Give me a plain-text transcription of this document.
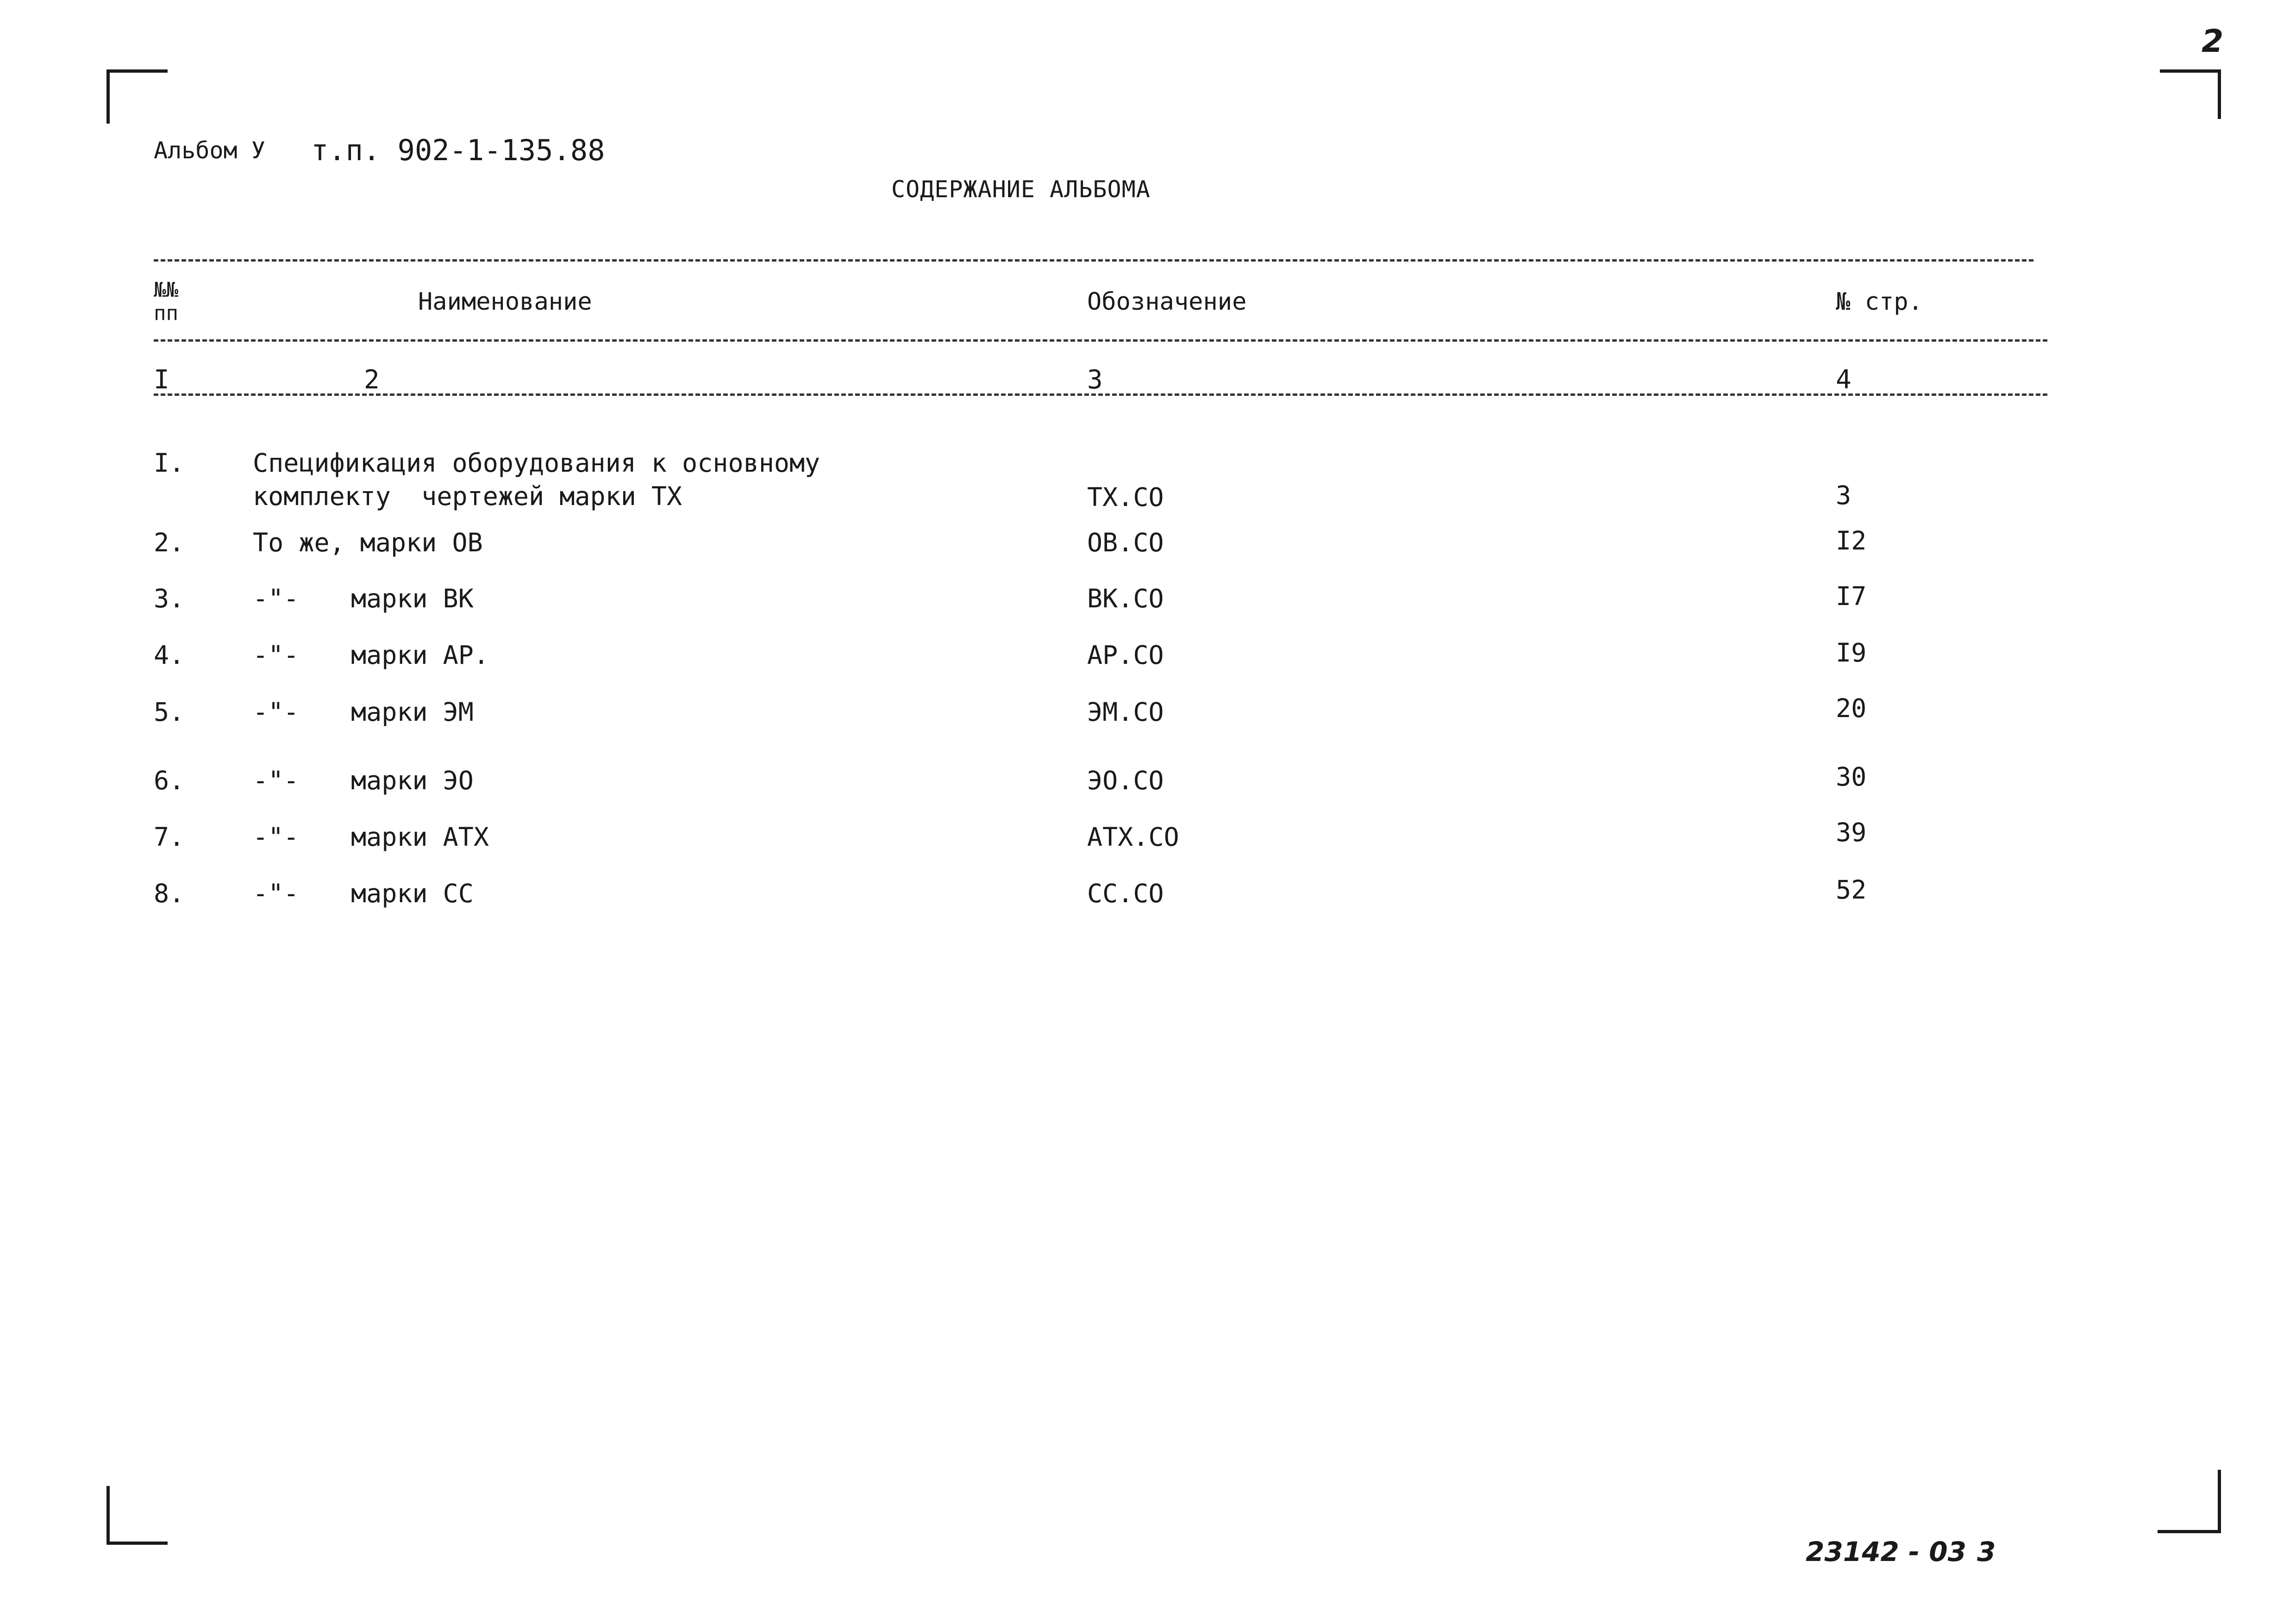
2
Альбом У т.п. 902-1-135.88
СОДЕРЖАНИЕ АЛЬБОМА
№№
пп	Наименование	Обозначение	№ стр.
I	2	3	4
I.	Спецификация оборудования к основному
комплекту  чертежей марки ТХ	ТХ.СО	3
2.	То же, марки ОВ	ОВ.СО	I2
3.	-"- марки ВК	ВК.СО	I7
4.	-"- марки АР.	АР.СО	I9
5.	-"- марки ЭМ	ЭМ.СО	20
6.	-"- марки ЭО	ЭО.СО	30
7.	-"- марки АТХ	АТХ.СО	39
8.	-"- марки СС	СС.СО	52
23142 - 03 3
